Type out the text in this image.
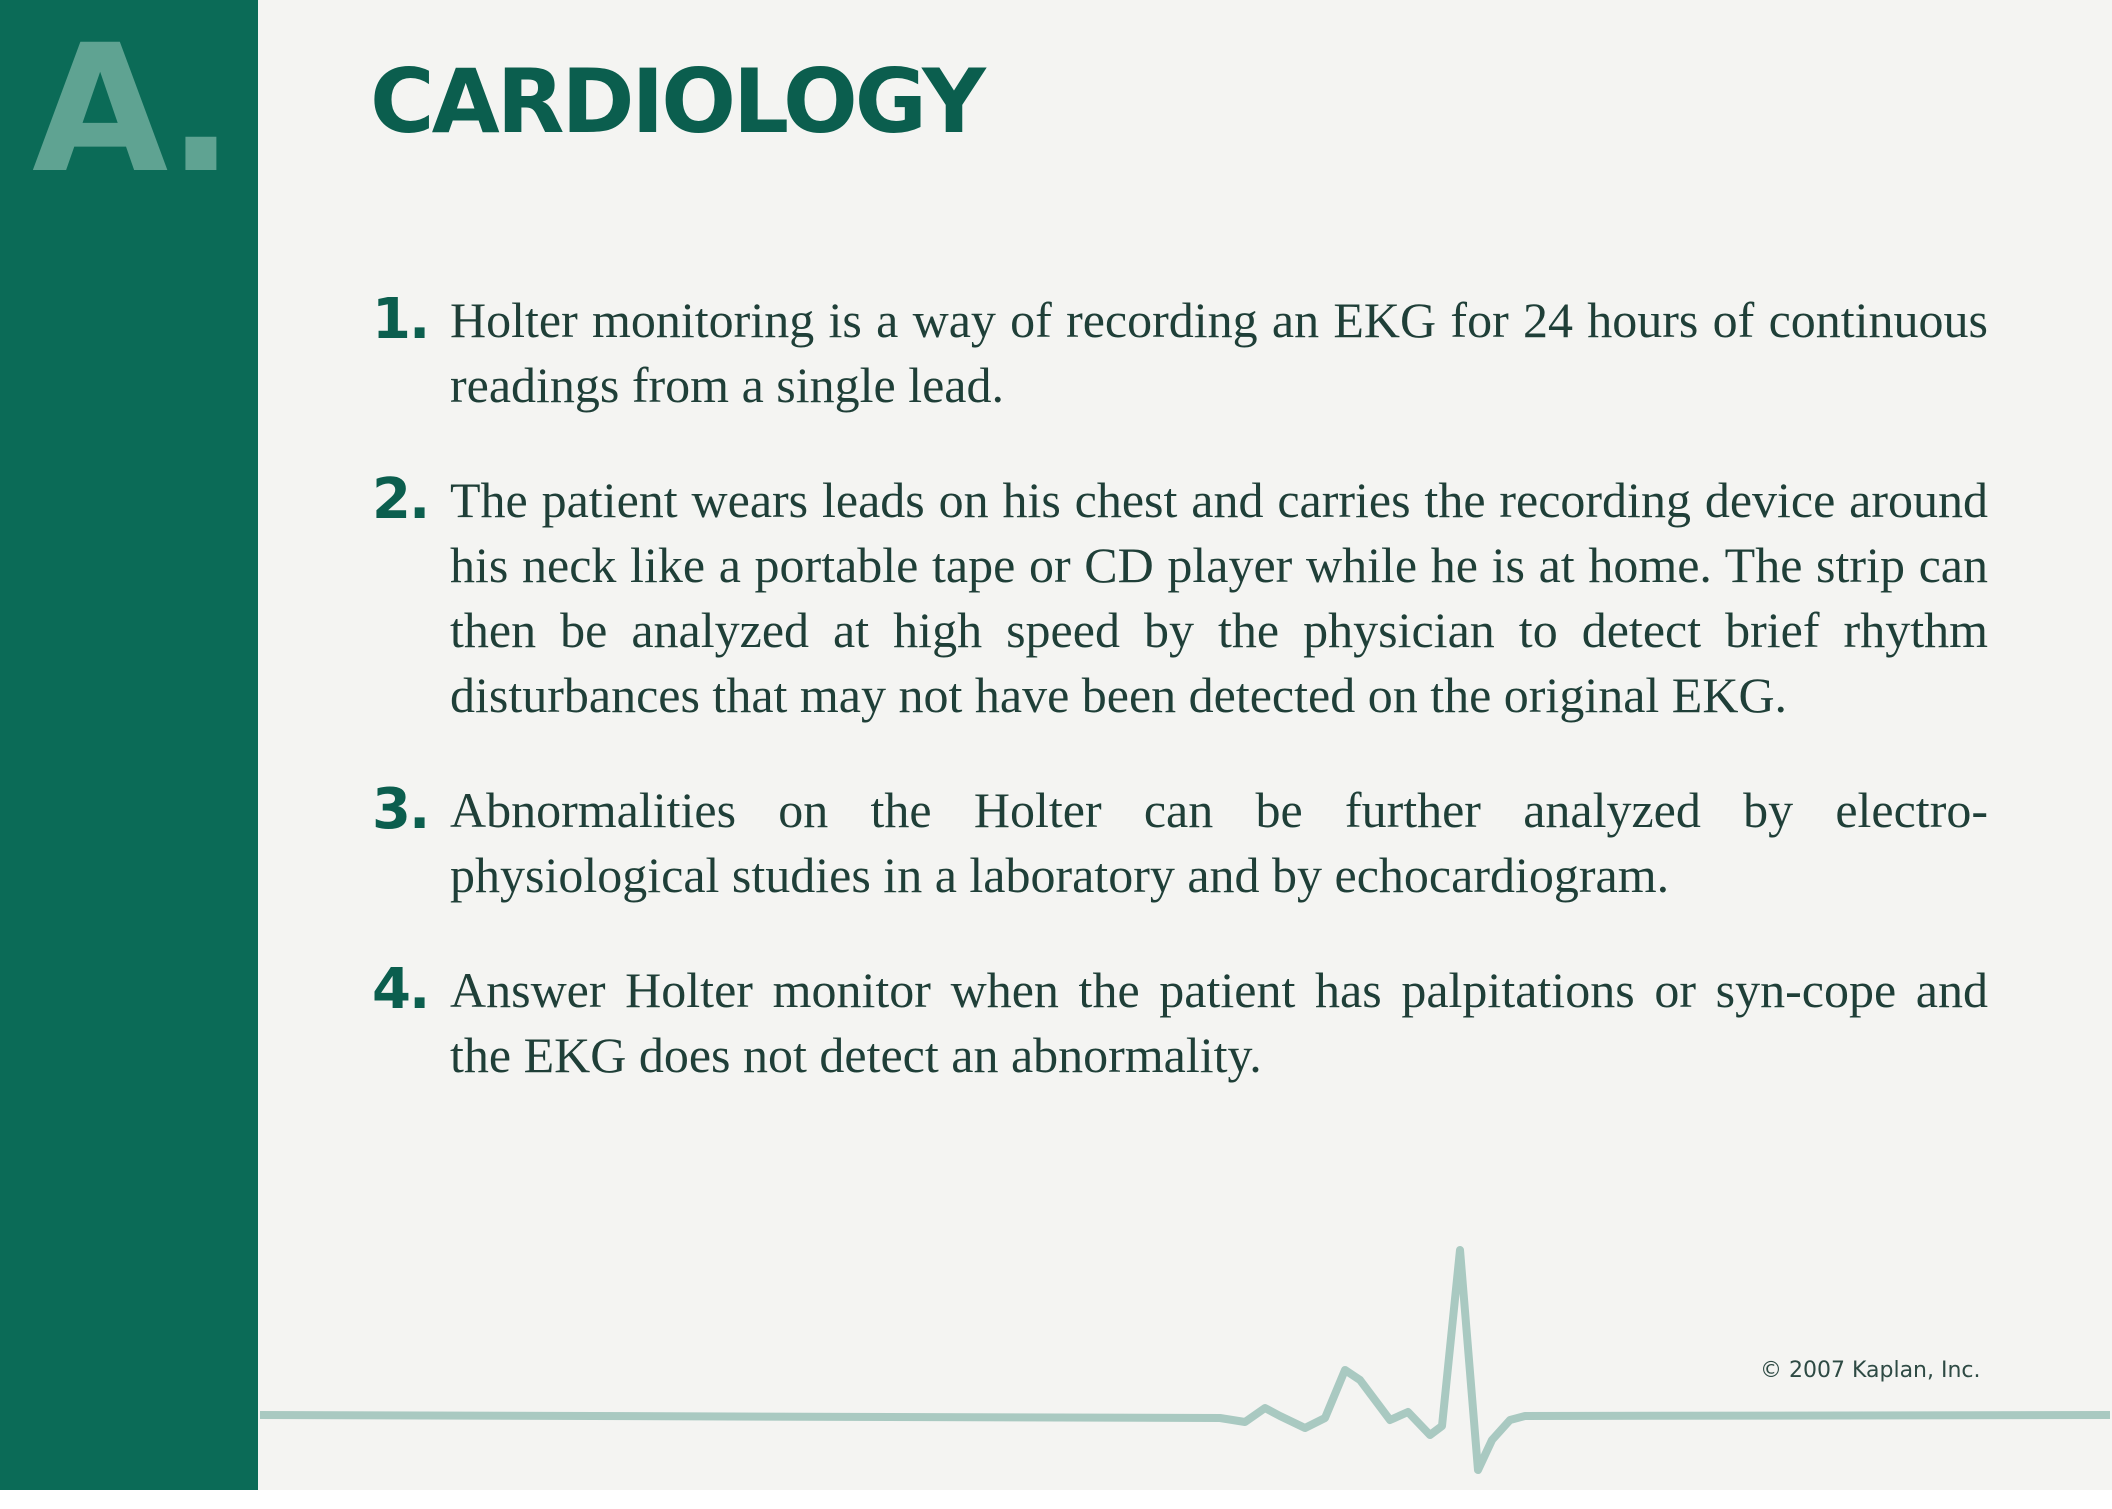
A. CARDIOLOGY
1. Holter monitoring is a way of recording an EKG for 24 hours of continuous readings from a single lead.
2. The patient wears leads on his chest and carries the recording device around his neck like a portable tape or CD player while he is at home. The strip can then be analyzed at high speed by the physician to detect brief rhythm disturbances that may not have been detected on the original EKG.
3. Abnormalities on the Holter can be further analyzed by electro-physiological studies in a laboratory and by echocardiogram.
4. Answer Holter monitor when the patient has palpitations or syn-cope and the EKG does not detect an abnormality.
© 2007 Kaplan, Inc.
